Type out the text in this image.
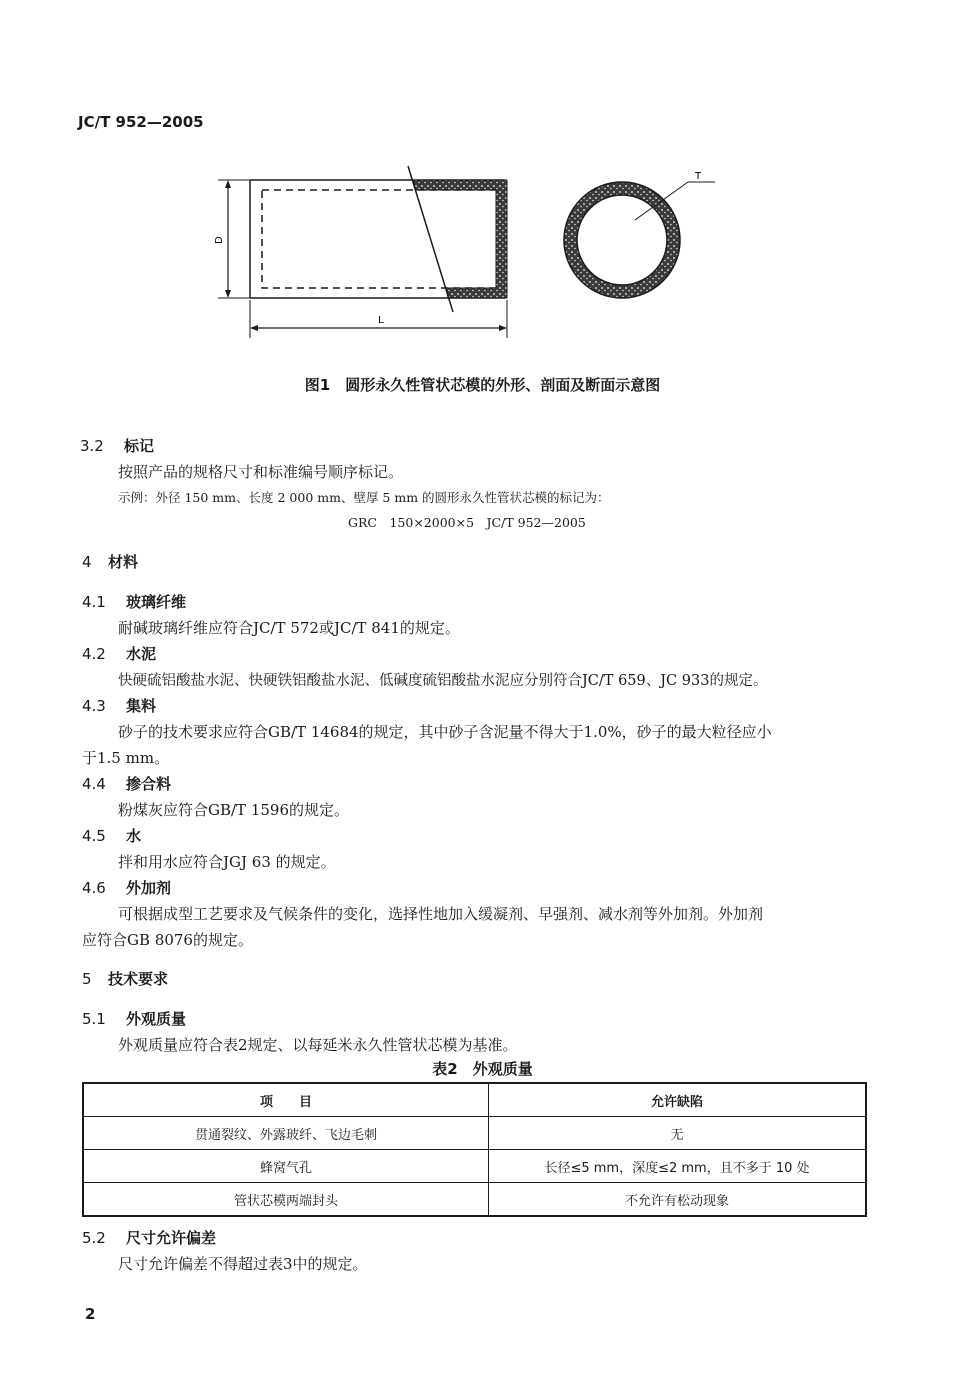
JC/T 952—2005
D
L
T
图1　圆形永久性管状芯模的外形、剖面及断面示意图
3.2 标记
按照产品的规格尺寸和标准编号顺序标记。
示例：外径 150 mm、长度 2 000 mm、壁厚 5 mm 的圆形永久性管状芯模的标记为：
GRC　150×2000×5　JC/T 952—2005
4 材料
4.1 玻璃纤维
耐碱玻璃纤维应符合JC/T 572或JC/T 841的规定。
4.2 水泥
快硬硫铝酸盐水泥、快硬铁铝酸盐水泥、低碱度硫铝酸盐水泥应分别符合JC/T 659、JC 933的规定。
4.3 集料
砂子的技术要求应符合GB/T 14684的规定，其中砂子含泥量不得大于1.0%，砂子的最大粒径应小
于1.5 mm。
4.4 掺合料
粉煤灰应符合GB/T 1596的规定。
4.5 水
拌和用水应符合JGJ 63 的规定。
4.6 外加剂
可根据成型工艺要求及气候条件的变化，选择性地加入缓凝剂、早强剂、减水剂等外加剂。外加剂
应符合GB 8076的规定。
5 技术要求
5.1 外观质量
外观质量应符合表2规定、以每延米永久性管状芯模为基准。
表2　外观质量
项　　目	允许缺陷
贯通裂纹、外露玻纤、飞边毛刺	无
蜂窝气孔	长径≤5 mm，深度≤2 mm，且不多于 10 处
管状芯模两端封头	不允许有松动现象
5.2 尺寸允许偏差
尺寸允许偏差不得超过表3中的规定。
2
